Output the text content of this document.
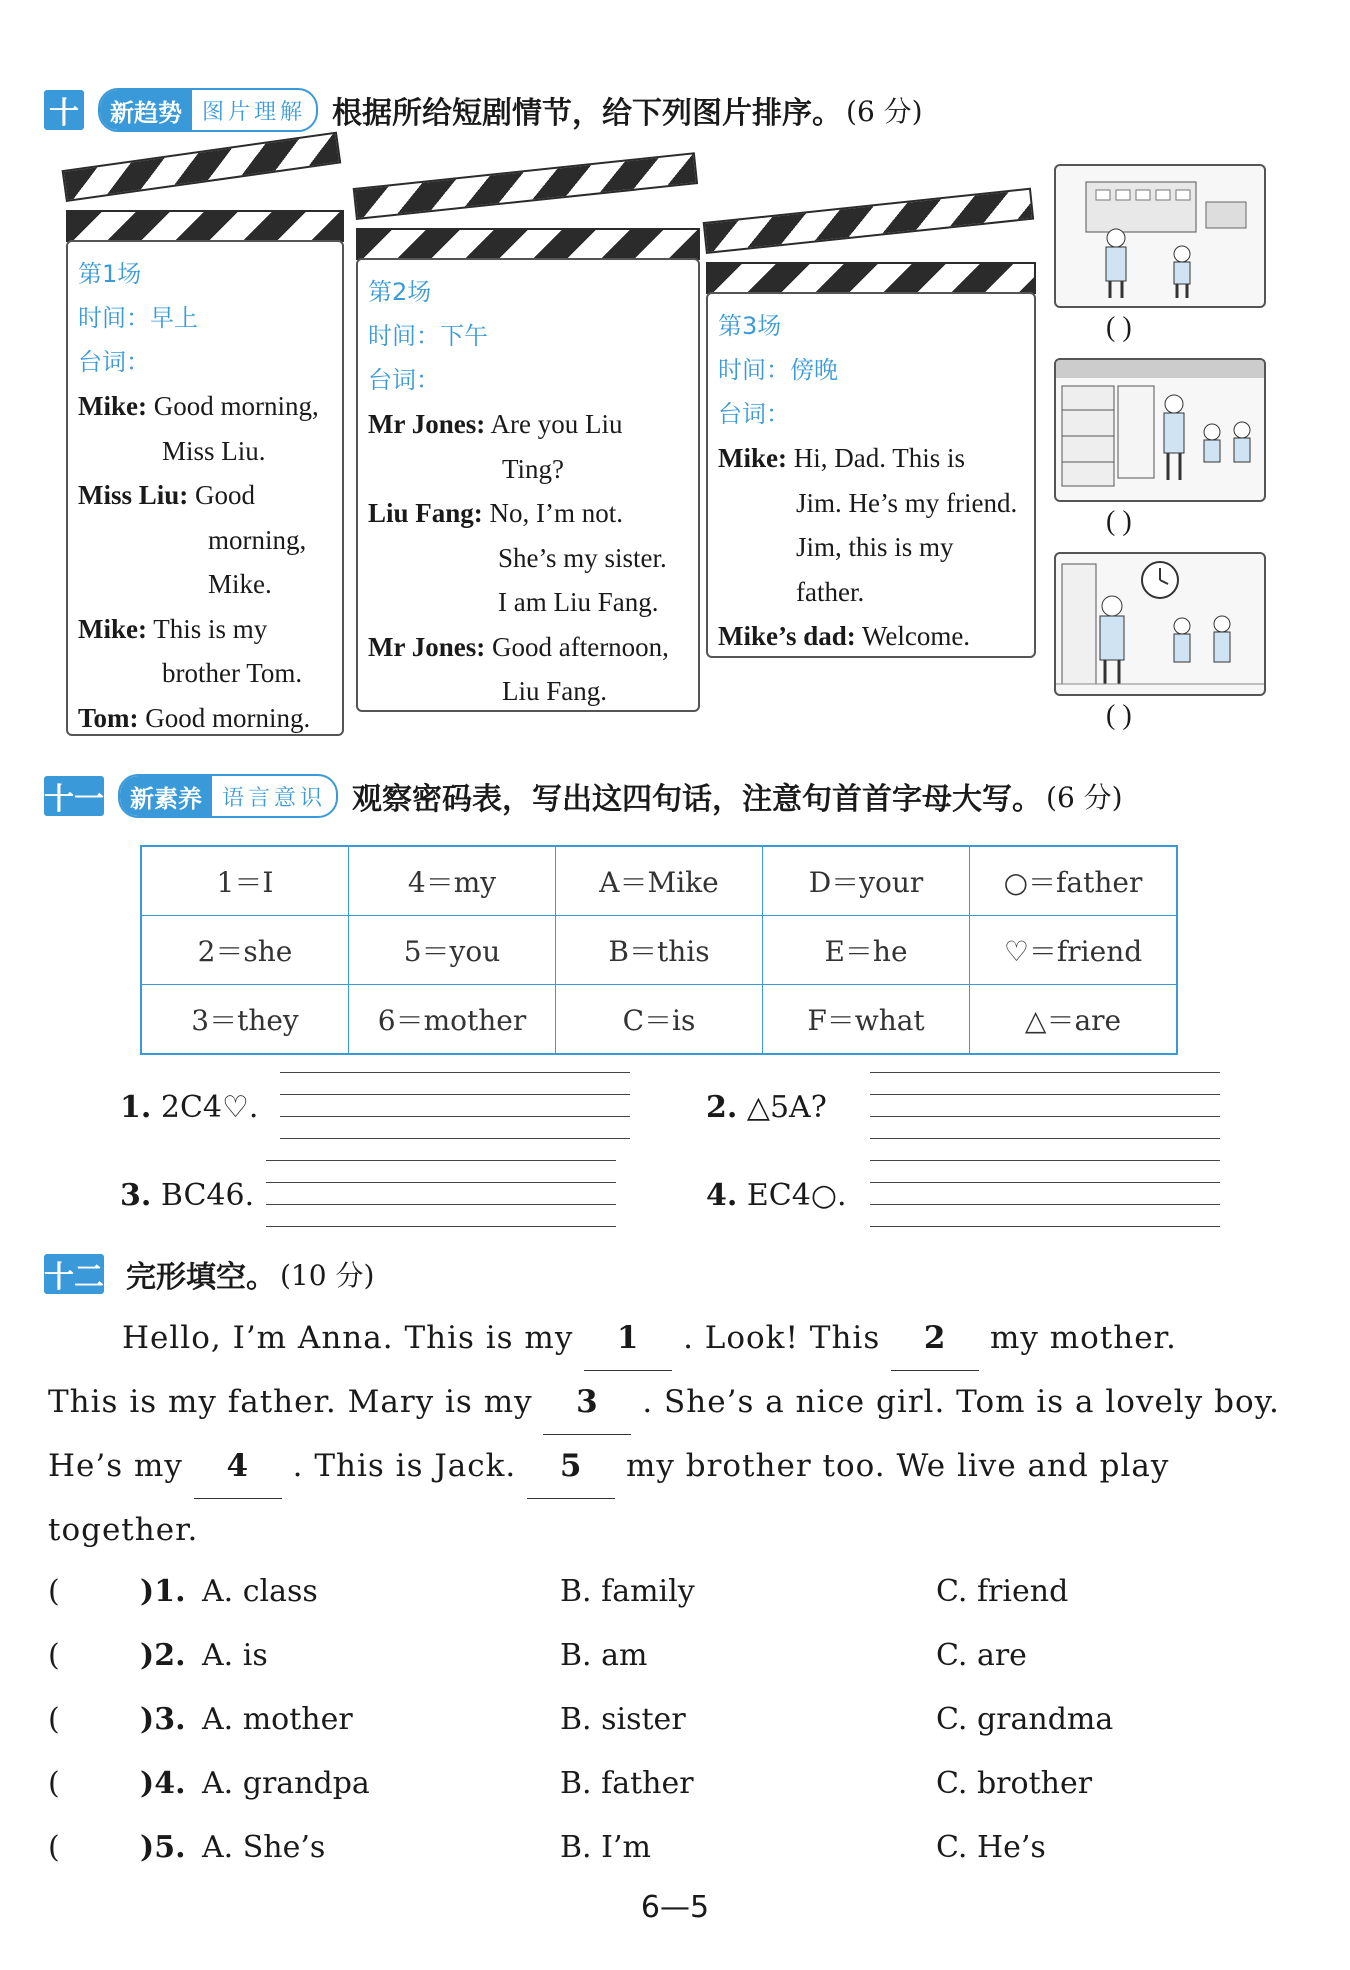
十	新趋势 图片理解 根据所给短剧情节，给下列图片排序。 (6 分)
第1场
时间：早上
台词：
Mike: Good morning,
Miss Liu.
Miss Liu: Good
morning,
Mike.
Mike: This is my
brother Tom.
Tom: Good morning.
第2场
时间：下午
台词：
Mr Jones: Are you Liu
Ting?
Liu Fang: No, I’m not.
She’s my sister.
I am Liu Fang.
Mr Jones: Good afternoon,
Liu Fang.
第3场
时间：傍晚
台词：
Mike: Hi, Dad. This is
Jim. He’s my friend.
Jim, this is my
father.
Mike’s dad: Welcome.
( )
( )
( )
十一	新素养 语言意识 观察密码表，写出这四句话，注意句首首字母大写。 (6 分)
1＝I	4＝my	A＝Mike	D＝your	○＝father
2＝she	5＝you	B＝this	E＝he	♡＝friend
3＝they	6＝mother	C＝is	F＝what	△＝are
1. 2C4♡.	2. △5A?
3. BC46.	4. EC4○.
十二 完形填空。 (10 分)
Hello, I’m Anna. This is my 1 . Look! This 2 my mother.
This is my father. Mary is my 3 . She’s a nice girl. Tom is a lovely boy.
He’s my 4 . This is Jack. 5 my brother too. We live and play
together.
(	)1. A. class	B. family	C. friend
(	)2. A. is	B. am	C. are
(	)3. A. mother	B. sister	C. grandma
(	)4. A. grandpa	B. father	C. brother
(	)5. A. She’s	B. I’m	C. He’s
6—5
